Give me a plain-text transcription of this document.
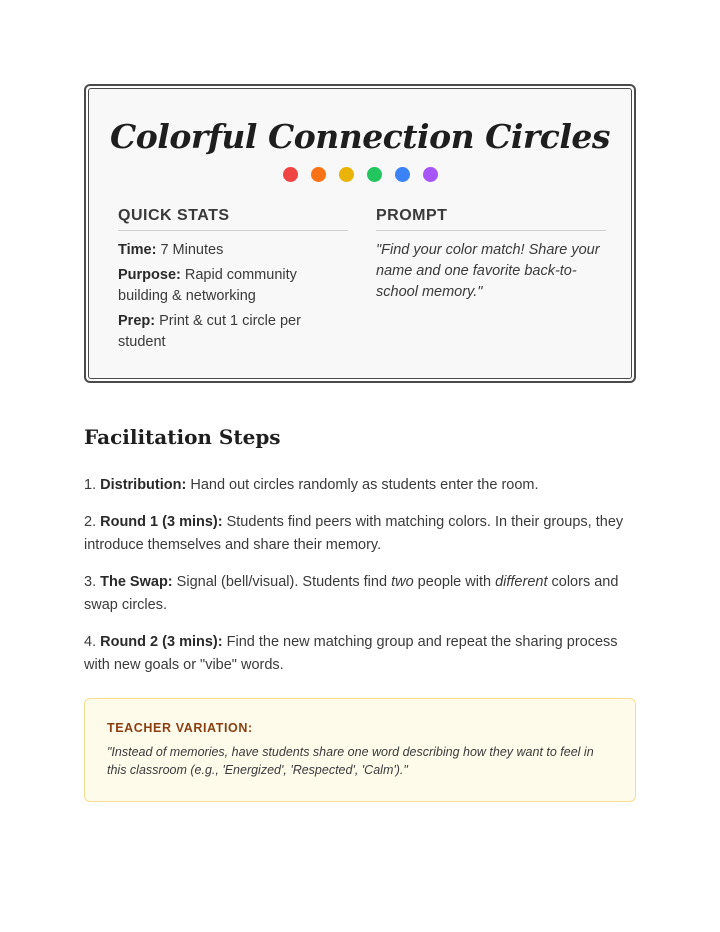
Colorful Connection Circles
QUICK STATS
Time: 7 Minutes
Purpose: Rapid community building & networking
Prep: Print & cut 1 circle per student
PROMPT
"Find your color match! Share your name and one favorite back-to-school memory."
Facilitation Steps
1. Distribution: Hand out circles randomly as students enter the room.
2. Round 1 (3 mins): Students find peers with matching colors. In their groups, they introduce themselves and share their memory.
3. The Swap: Signal (bell/visual). Students find two people with different colors and swap circles.
4. Round 2 (3 mins): Find the new matching group and repeat the sharing process with new goals or "vibe" words.
TEACHER VARIATION:
"Instead of memories, have students share one word describing how they want to feel in this classroom (e.g., 'Energized', 'Respected', 'Calm')."
